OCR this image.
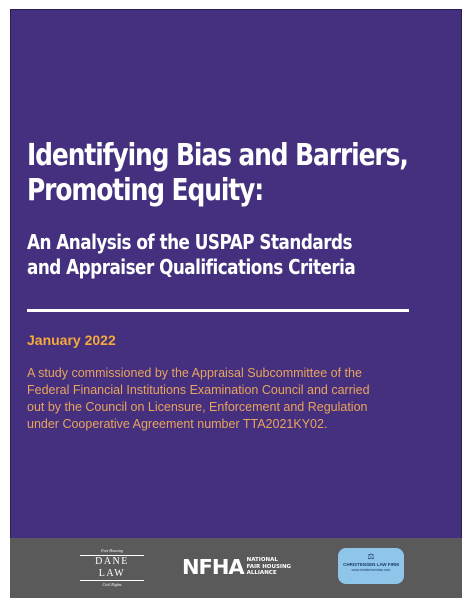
Identifying Bias and Barriers,
Promoting Equity:
An Analysis of the USPAP Standards
and Appraiser Qualifications Criteria
January 2022
A study commissioned by the Appraisal Subcommittee of the
Federal Financial Institutions Examination Council and carried
out by the Council on Licensure, Enforcement and Regulation
under Cooperative Agreement number TTA2021KY02.
Fair Housing
DANE LAW
Civil Rights
NFHA NATIONAL
FAIR HOUSING
ALLIANCE
⚖
CHRISTENSEN LAW FIRM
www.christensenlaw.com
